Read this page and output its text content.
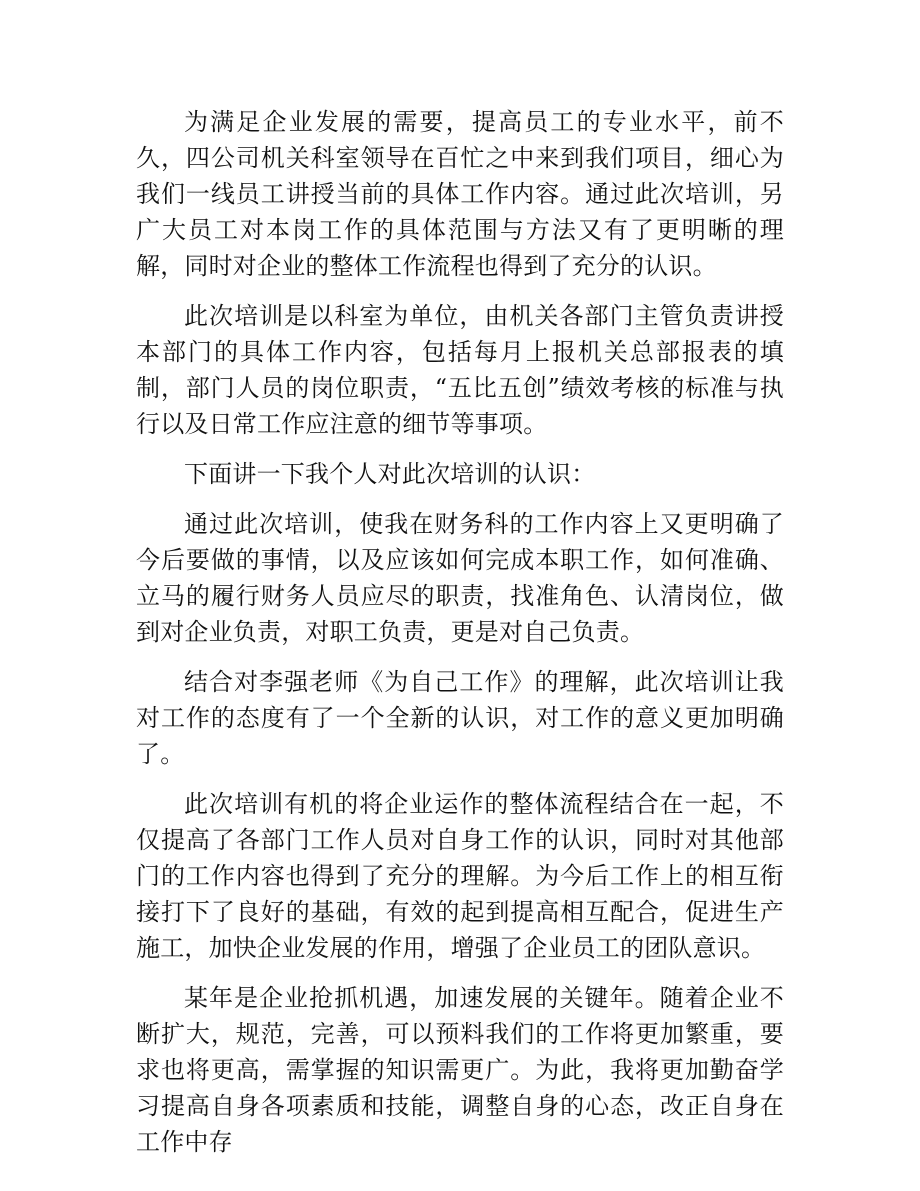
为满足企业发展的需要，提高员工的专业水平，前不久，四公司机关科室领导在百忙之中来到我们项目，细心为我们一线员工讲授当前的具体工作内容。通过此次培训，另广大员工对本岗工作的具体范围与方法又有了更明晰的理解，同时对企业的整体工作流程也得到了充分的认识。

此次培训是以科室为单位，由机关各部门主管负责讲授本部门的具体工作内容，包括每月上报机关总部报表的填制，部门人员的岗位职责，“五比五创”绩效考核的标准与执行以及日常工作应注意的细节等事项。

下面讲一下我个人对此次培训的认识：

通过此次培训，使我在财务科的工作内容上又更明确了今后要做的事情，以及应该如何完成本职工作，如何准确、立马的履行财务人员应尽的职责，找准角色、认清岗位，做到对企业负责，对职工负责，更是对自己负责。

结合对李强老师《为自己工作》的理解，此次培训让我对工作的态度有了一个全新的认识，对工作的意义更加明确了。

此次培训有机的将企业运作的整体流程结合在一起，不仅提高了各部门工作人员对自身工作的认识，同时对其他部门的工作内容也得到了充分的理解。为今后工作上的相互衔接打下了良好的基础，有效的起到提高相互配合，促进生产施工，加快企业发展的作用，增强了企业员工的团队意识。

某年是企业抢抓机遇，加速发展的关键年。随着企业不断扩大，规范，完善，可以预料我们的工作将更加繁重，要求也将更高，需掌握的知识需更广。为此，我将更加勤奋学习提高自身各项素质和技能，调整自身的心态，改正自身在工作中存
